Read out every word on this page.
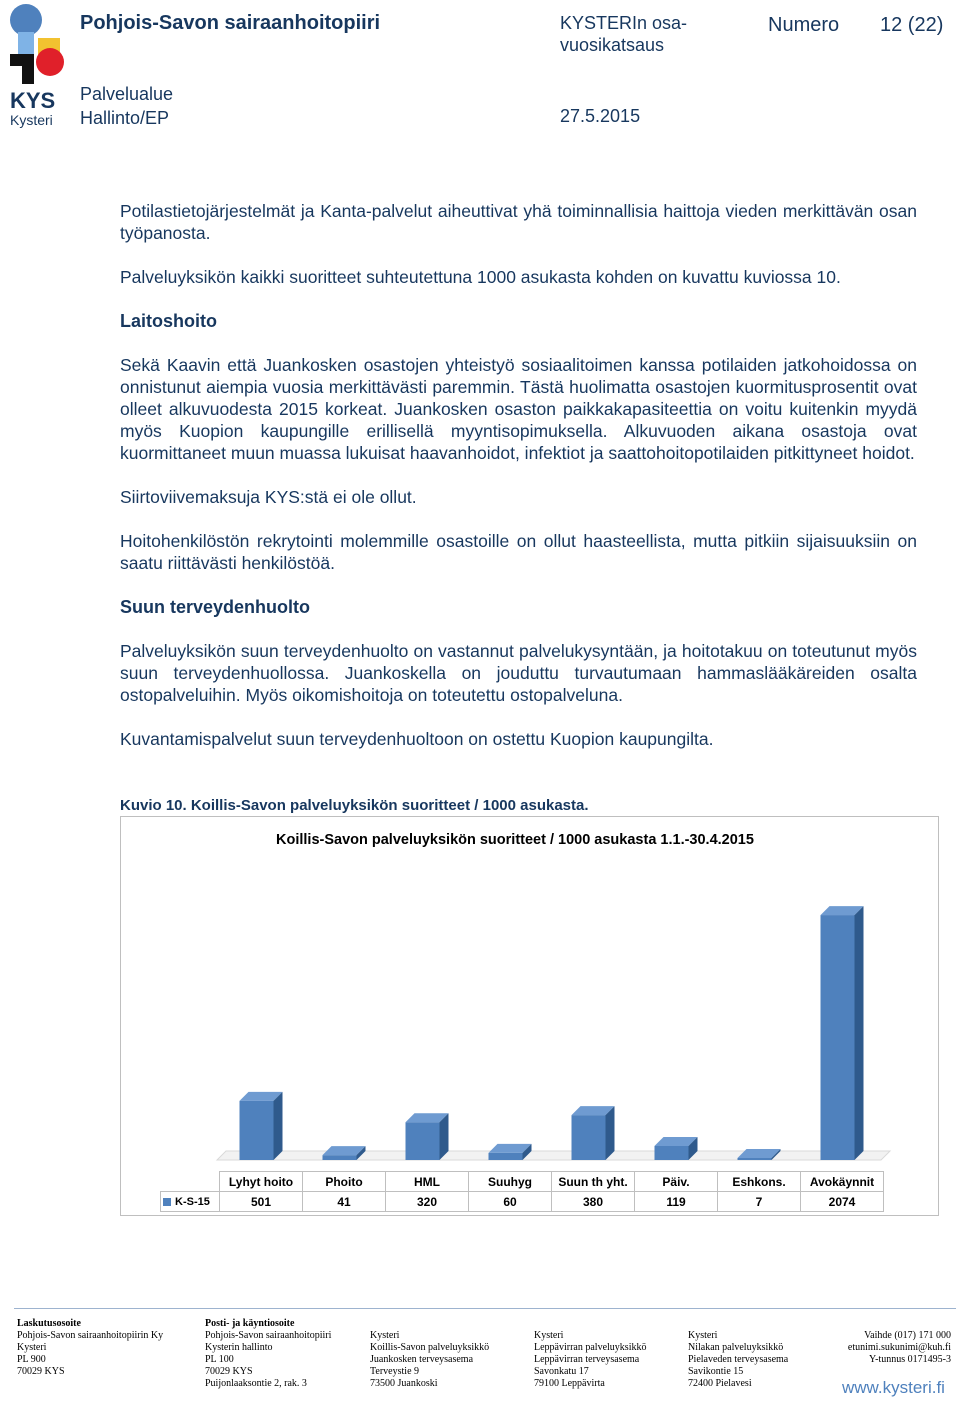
KYS
Kysteri
Pohjois-Savon sairaanhoitopiiri	KYSTERIn osa-vuosikatsaus
Numero 12 (22)
Palvelualue
Hallinto/EP	27.5.2015

Potilastietojärjestelmät ja Kanta-palvelut aiheuttivat yhä toiminnallisia haittoja vieden merkittävän osan työpanosta.

Palveluyksikön kaikki suoritteet suhteutettuna 1000 asukasta kohden on kuvattu kuviossa 10.

Laitoshoito

Sekä Kaavin että Juankosken osastojen yhteistyö sosiaalitoimen kanssa potilaiden jatkohoidossa on onnistunut aiempia vuosia merkittävästi paremmin. Tästä huolimatta osastojen kuormitusprosentit ovat olleet alkuvuodesta 2015 korkeat. Juankosken osaston paikkakapasiteettia on voitu kuitenkin myydä myös Kuopion kaupungille erillisellä myyntisopimuksella. Alkuvuoden aikana osastoja ovat kuormittaneet muun muassa lukuisat haavanhoidot, infektiot ja saattohoitopotilaiden pitkittyneet hoidot.

Siirtoviivemaksuja KYS:stä ei ole ollut.

Hoitohenkilöstön rekrytointi molemmille osastoille on ollut haasteellista, mutta pitkiin sijaisuuksiin on saatu riittävästi henkilöstöä.

Suun terveydenhuolto

Palveluyksikön suun terveydenhuolto on vastannut palvelukysyntään, ja hoitotakuu on toteutunut myös suun terveydenhuollossa. Juankoskella on jouduttu turvautumaan hammaslääkäreiden osalta ostopalveluihin. Myös oikomishoitoja on toteutettu ostopalveluna.

Kuvantamispalvelut suun terveydenhuoltoon on ostettu Kuopion kaupungilta.

Kuvio 10. Koillis-Savon palveluyksikön suoritteet / 1000 asukasta.
Koillis-Savon palveluyksikön suoritteet / 1000 asukasta 1.1.-30.4.2015
	Lyhyt hoito	Phoito	HML	Suuhyg	Suun th yht.	Päiv.	Eshkons.	Avokäynnit
K-S-15	501	41	320	60	380	119	7	2074
Laskutusosoite
Pohjois-Savon sairaanhoitopiirin Ky
Kysteri
PL 900
70029 KYS
Posti- ja käyntiosoite
Pohjois-Savon sairaanhoitopiiri
Kysterin hallinto
PL 100
70029 KYS
Puijonlaaksontie 2, rak. 3
Kysteri
Koillis-Savon palveluyksikkö
Juankosken terveysasema
Terveystie 9
73500 Juankoski
Kysteri
Leppävirran palveluyksikkö
Leppävirran terveysasema
Savonkatu 17
79100 Leppävirta
Kysteri
Nilakan palveluyksikkö
Pielaveden terveysasema
Savikontie 15
72400 Pielavesi
Vaihde (017) 171 000
etunimi.sukunimi@kuh.fi
Y-tunnus 0171495-3
www.kysteri.fi
